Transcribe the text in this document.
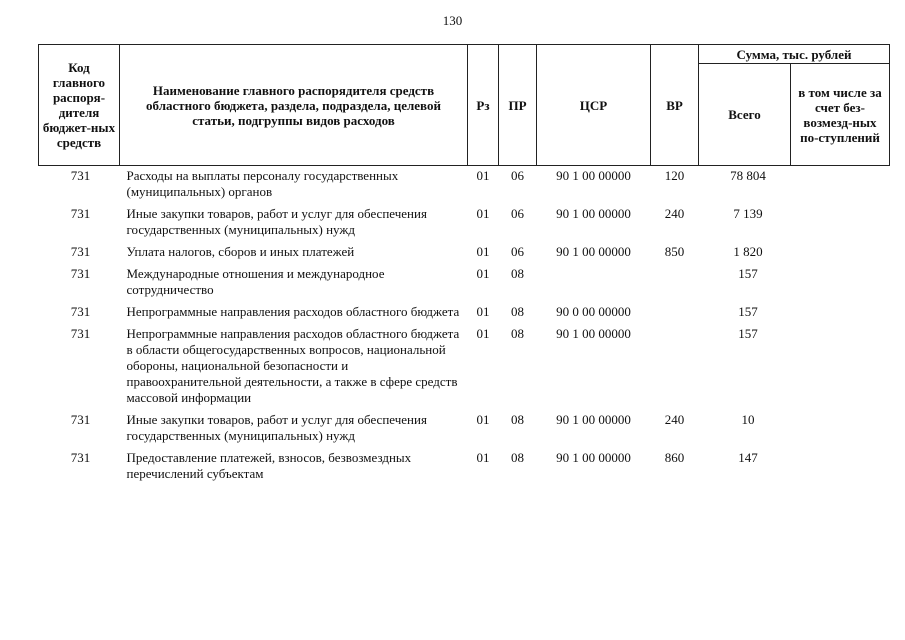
130
Код главного распоря-дителя бюджет-ных средств	Наименование главного распорядителя средств областного бюджета, раздела, подраздела, целевой статьи, подгруппы видов расходов	Рз	ПР	ЦСР	ВР	Сумма, тыс. рублей	
						Всего	в том числе за счет без-возмезд-ных по-ступлений
731	Расходы на выплаты персоналу государственных (муниципальных) органов	01	06	90 1 00 00000	120	78 804	
731	Иные закупки товаров, работ и услуг для обеспечения государственных (муниципальных) нужд	01	06	90 1 00 00000	240	7 139	
731	Уплата налогов, сборов и иных платежей	01	06	90 1 00 00000	850	1 820	
731	Международные отношения и международное сотрудничество	01	08			157	
731	Непрограммные направления расходов областного бюджета	01	08	90 0 00 00000		157	
731	Непрограммные направления расходов областного бюджета в области общегосударственных вопросов, национальной обороны, национальной безопасности и правоохранительной деятельности, а также в сфере средств массовой информации	01	08	90 1 00 00000		157	
731	Иные закупки товаров, работ и услуг для обеспечения государственных (муниципальных) нужд	01	08	90 1 00 00000	240	10	
731	Предоставление платежей, взносов, безвозмездных перечислений субъектам	01	08	90 1 00 00000	860	147	
